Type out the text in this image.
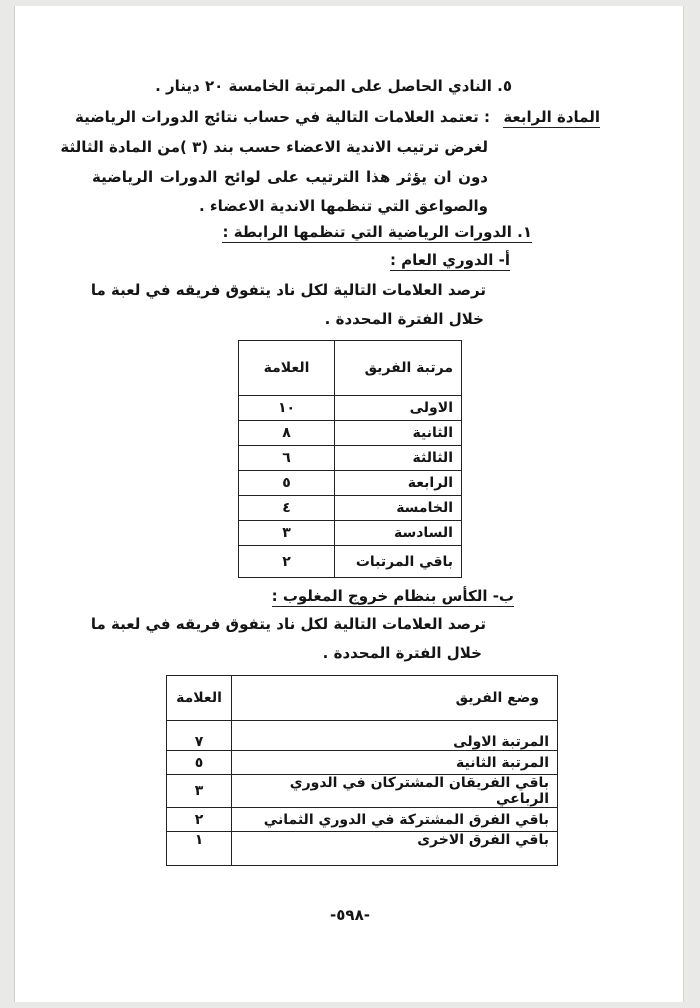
٥. النادي الحاصل على المرتبة الخامسة ٢٠ دينار .
المادة الرابعة
: تعتمد العلامات التالية في حساب نتائج الدورات الرياضية
لغرض ترتيب الاندية الاعضاء حسب بند (٣ )من المادة الثالثة
دون ان يؤثر هذا الترتيب على لوائح الدورات الرياضية
والصواعق التي تنظمها الاندية الاعضاء .
١. الدورات الرياضية التي تنظمها الرابطة :
أ- الدوري العام :
ترصد العلامات التالية لكل ناد يتفوق فريقه في لعبة ما
خلال الفترة المحددة .
مرتبة الفريق	العلامة
الاولى	١٠
الثانية	٨
الثالثة	٦
الرابعة	٥
الخامسة	٤
السادسة	٣
باقي المرتبات	٢
ب- الكأس بنظام خروج المغلوب :
ترصد العلامات التالية لكل ناد يتفوق فريقه في لعبة ما
خلال الفترة المحددة .
وضع الفريق	العلامة
المرتبة الاولى	٧
المرتبة الثانية	٥
باقي الفريقان المشتركان في الدوري الرباعي	٣
باقي الفرق المشتركة في الدوري الثماني	٢
باقي الفرق الاخرى	١
-٥٩٨-
